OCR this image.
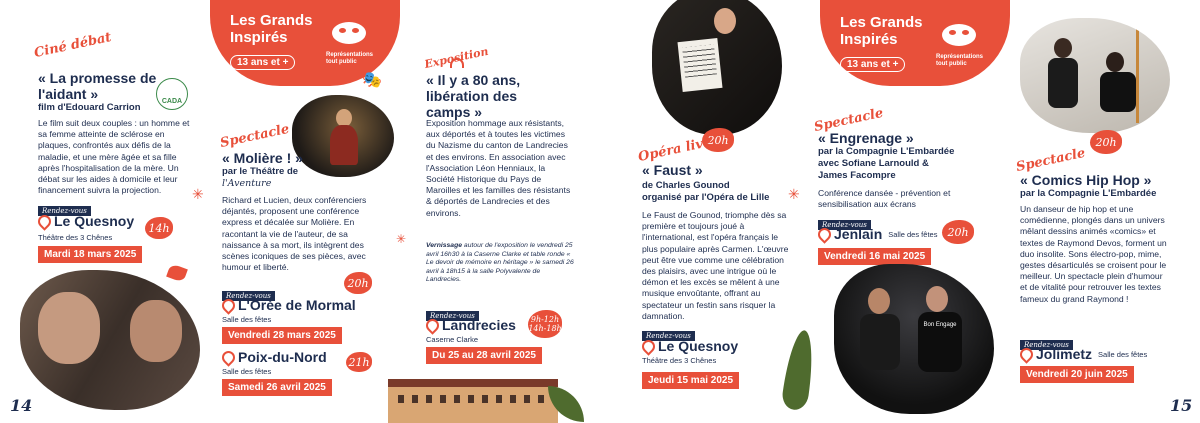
Ciné débat
« La promesse de l'aidant »
film d'Edouard Carrion
CADA
Le film suit deux couples : un homme et sa femme atteinte de sclérose en plaques, confrontés aux défis de la maladie, et une mère âgée et sa fille après l'hospitalisation de la mère. Un débat sur les aides à domicile et leur financement suivra la projection.
Rendez-vous
Le Quesnoy	14h
Théâtre des 3 Chênes
Mardi 18 mars 2025
✳
14
Les Grands
Inspirés
13 ans et +
Représentations
tout public
🎭
Spectacle
« Molière ! »
par le Théâtre de
l'Aventure
Richard et Lucien, deux conférenciers déjantés, proposent une conférence express et décalée sur Molière. En racontant la vie de l'auteur, de sa naissance à sa mort, ils intègrent des scènes iconiques de ses pièces, avec humour et liberté.
20h
Rendez-vous
L'Orée de Mormal
Salle des fêtes
Vendredi 28 mars 2025
Poix-du-Nord 21h
Salle des fêtes
Samedi 26 avril 2025
✳
Exposition
« Il y a 80 ans, libération des camps »
Exposition hommage aux résistants, aux déportés et à toutes les victimes du Nazisme du canton de Landrecies et des environs. En association avec l'Association Léon Henniaux, la Société Historique du Pays de Maroilles et les familles des résistants & déportés de Landrecies et des environs.
Vernissage autour de l'exposition le vendredi 25 avril 16h30 à la Caserne Clarke et table ronde « Le devoir de mémoire en héritage » le samedi 26 avril à 18h15 à la salle Polyvalente de Landrecies.
Rendez-vous
Landrecies	9h-12h 14h-18h
Caserne Clarke
Du 25 au 28 avril 2025
20h
Opéra live
« Faust »
de Charles Gounod
organisé par l'Opéra de Lille
Le Faust de Gounod, triomphe dès sa première et toujours joué à l'international, est l'opéra français le plus populaire après Carmen. L'œuvre peut être vue comme une célébration des plaisirs, avec une intrigue où le démon et les excès se mêlent à une musique envoûtante, offrant au spectateur un festin sans risquer la damnation.
Rendez-vous
Le Quesnoy
Théâtre des 3 Chênes
Jeudi 15 mai 2025
✳
Les Grands
Inspirés
13 ans et +
Représentations
tout public
Spectacle
« Engrenage »
par la Compagnie L'Embardée
avec Sofiane Larnould &
James Facompre
Conférence dansée - prévention et sensibilisation aux écrans
Rendez-vous
Jenlain Salle des fêtes 20h
Vendredi 16 mai 2025
Bon Engage
20h
Spectacle
« Comics Hip Hop »
par la Compagnie L'Embardée
Un danseur de hip hop et une comédienne, plongés dans un univers mêlant dessins animés «comics» et textes de Raymond Devos, forment un duo insolite. Sons électro-pop, mime, gestes désarticulés se croisent pour le meilleur. Un spectacle plein d'humour et de vitalité pour retrouver les textes fameux du grand Raymond !
Rendez-vous
Jolimetz Salle des fêtes
Vendredi 20 juin 2025
15
